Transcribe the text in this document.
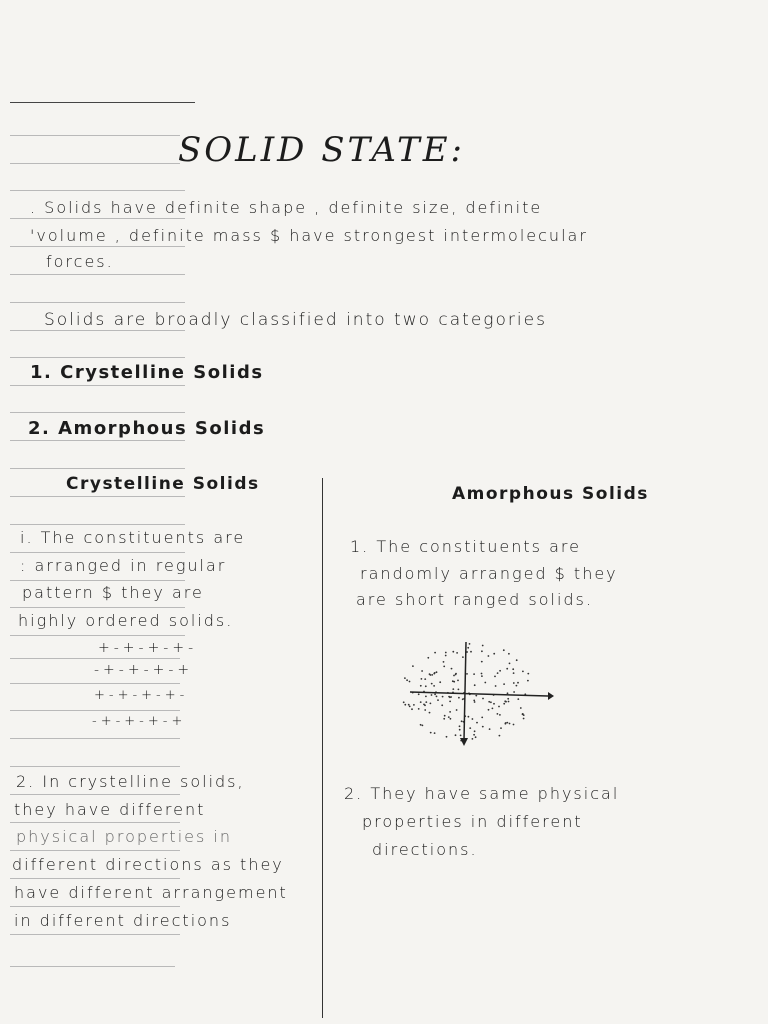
SOLID STATE:
. Solids have definite shape , definite size, definite
'volume , definite mass $ have strongest intermolecular
forces.
Solids are broadly classified into two categories
1. Crystelline Solids
2. Amorphous Solids
Crystelline Solids	Amorphous Solids
i. The constituents are
: arranged in regular
pattern $ they are
highly ordered solids.
+-+-+-+-
-+-+-+-+
+-+-+-+-
-+-+-+-+
2. In crystelline solids,
they have different
physical properties in
different directions as they
have different arrangement
in different directions
1. The constituents are
randomly arranged $ they
are short ranged solids.
2. They have same physical
properties in different
directions.
